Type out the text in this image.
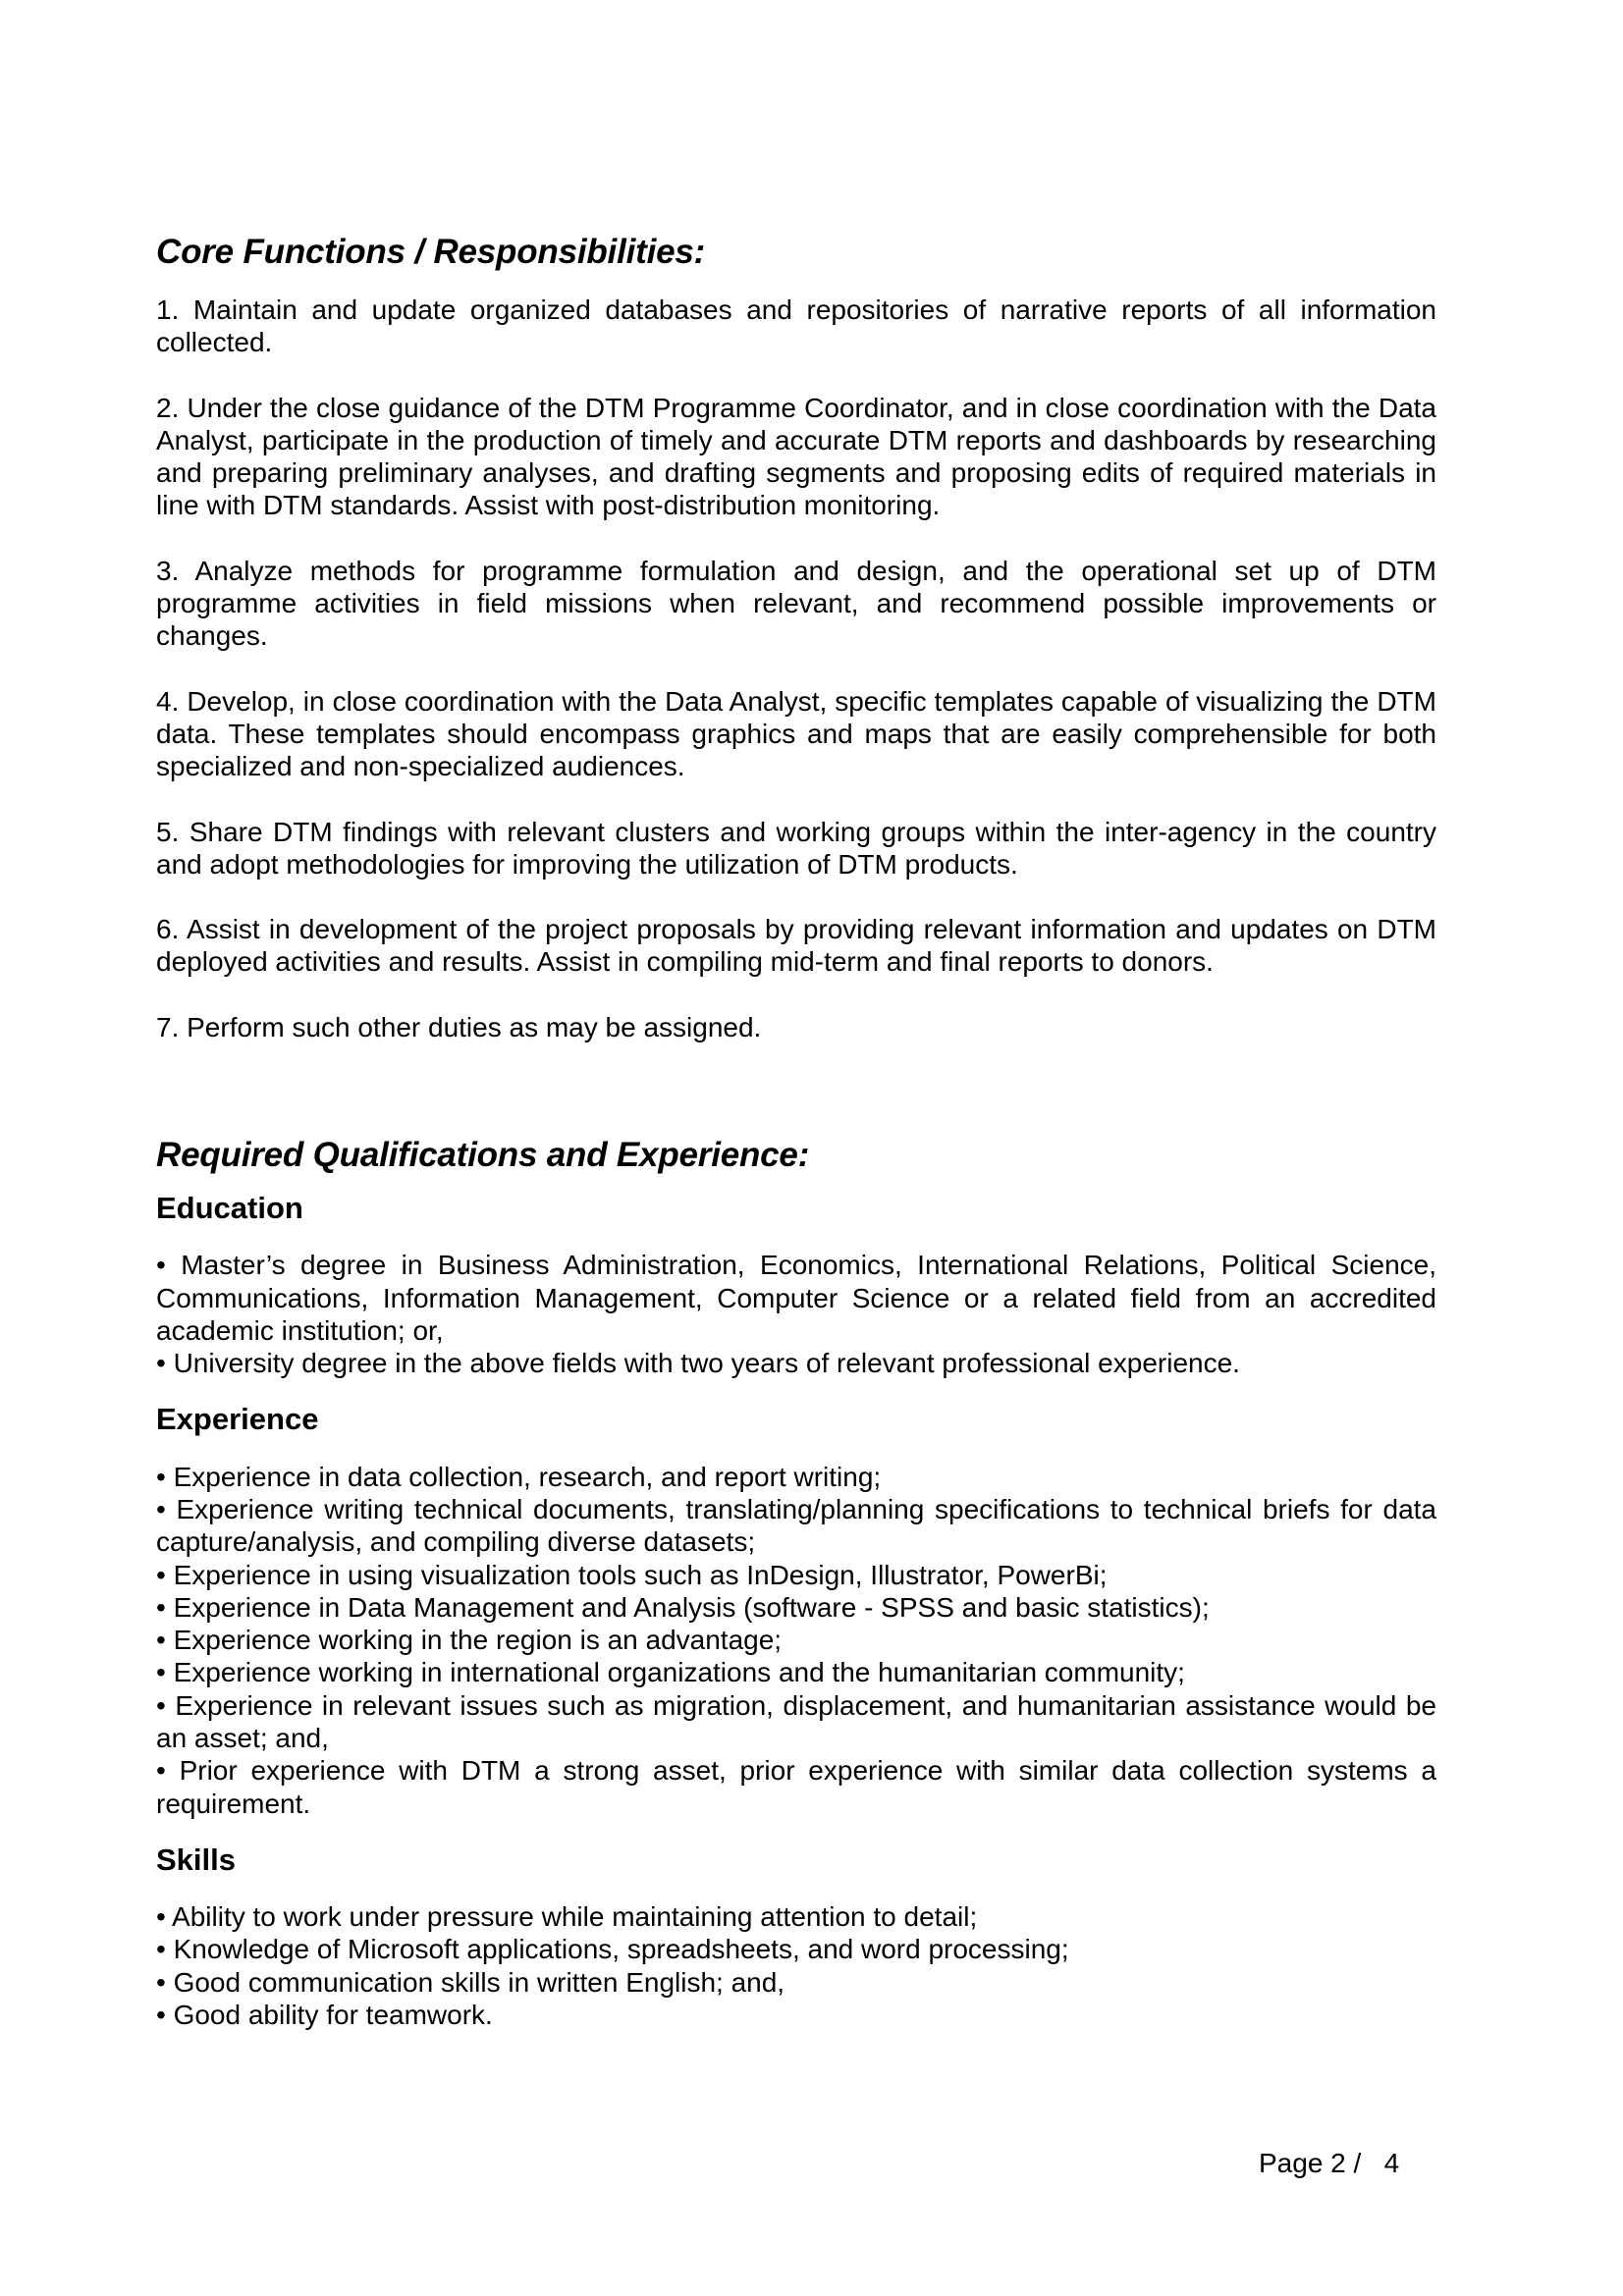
Core Functions / Responsibilities:

1. Maintain and update organized databases and repositories of narrative reports of all information collected.

2. Under the close guidance of the DTM Programme Coordinator, and in close coordination with the Data Analyst, participate in the production of timely and accurate DTM reports and dashboards by researching and preparing preliminary analyses, and drafting segments and proposing edits of required materials in line with DTM standards. Assist with post-distribution monitoring.

3. Analyze methods for programme formulation and design, and the operational set up of DTM programme activities in field missions when relevant, and recommend possible improvements or changes.

4. Develop, in close coordination with the Data Analyst, specific templates capable of visualizing the DTM data. These templates should encompass graphics and maps that are easily comprehensible for both specialized and non-specialized audiences.

5. Share DTM findings with relevant clusters and working groups within the inter-agency in the country and adopt methodologies for improving the utilization of DTM products.

6. Assist in development of the project proposals by providing relevant information and updates on DTM deployed activities and results. Assist in compiling mid-term and final reports to donors.

7. Perform such other duties as may be assigned.

Required Qualifications and Experience:
Education
• Master’s degree in Business Administration, Economics, International Relations, Political Science, Communications, Information Management, Computer Science or a related field from an accredited academic institution; or,
• University degree in the above fields with two years of relevant professional experience.
Experience
• Experience in data collection, research, and report writing;
• Experience writing technical documents, translating/planning specifications to technical briefs for data capture/analysis, and compiling diverse datasets;
• Experience in using visualization tools such as InDesign, Illustrator, PowerBi;
• Experience in Data Management and Analysis (software - SPSS and basic statistics);
• Experience working in the region is an advantage;
• Experience working in international organizations and the humanitarian community;
• Experience in relevant issues such as migration, displacement, and humanitarian assistance would be an asset; and,
• Prior experience with DTM a strong asset, prior experience with similar data collection systems a requirement.
Skills
• Ability to work under pressure while maintaining attention to detail;
• Knowledge of Microsoft applications, spreadsheets, and word processing;
• Good communication skills in written English; and,
• Good ability for teamwork.
Page 2 /   4
